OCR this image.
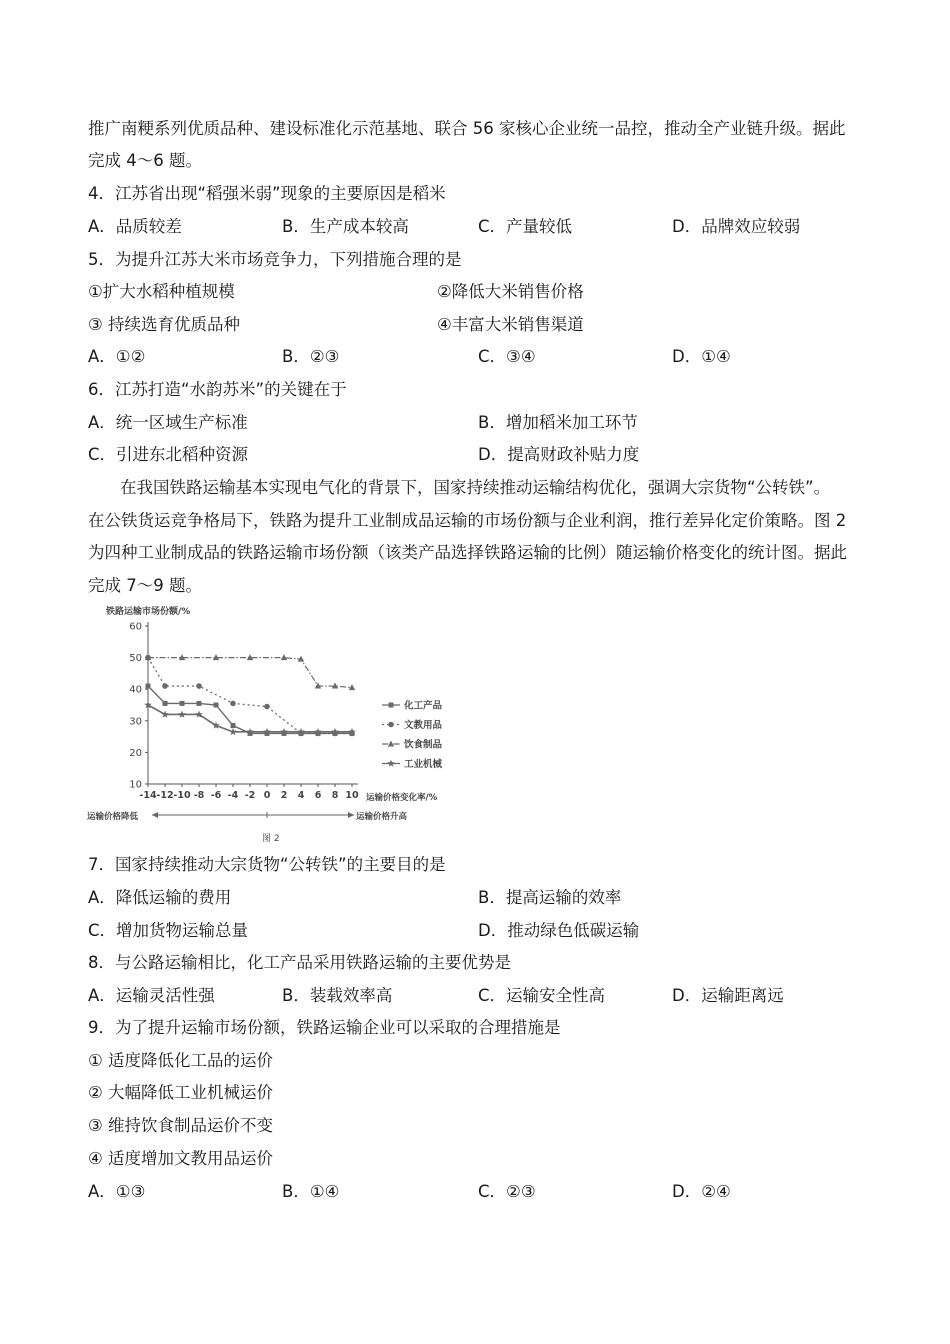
推广南粳系列优质品种、建设标准化示范基地、联合 56 家核心企业统一品控，推动全产业链升级。据此
完成 4～6 题。
4．江苏省出现“稻强米弱”现象的主要原因是稻米
A．品质较差	B．生产成本较高	C．产量较低	D．品牌效应较弱
5．为提升江苏大米市场竞争力，下列措施合理的是
①扩大水稻种植规模	②降低大米销售价格
③ 持续选育优质品种	④丰富大米销售渠道
A．①②	B．②③	C．③④	D．①④
6．江苏打造“水韵苏米”的关键在于
A．统一区域生产标准	B．增加稻米加工环节
C．引进东北稻种资源	D．提高财政补贴力度
在我国铁路运输基本实现电气化的背景下，国家持续推动运输结构优化，强调大宗货物“公转铁”。
在公铁货运竞争格局下，铁路为提升工业制成品运输的市场份额与企业利润，推行差异化定价策略。图 2
为四种工业制成品的铁路运输市场份额（该类产品选择铁路运输的比例）随运输价格变化的统计图。据此
完成 7～9 题。
铁路运输市场份额/%
运输价格变化率/%
运输价格降低	运输价格升高
图 2
10
20
30
40
50
60
-14 -12 -10 -8 -6 -4 -2 0 2 4 6 8 10
化工产品
文教用品
饮食制品
工业机械
7．国家持续推动大宗货物“公转铁”的主要目的是
A．降低运输的费用	B．提高运输的效率
C．增加货物运输总量	D．推动绿色低碳运输
8．与公路运输相比，化工产品采用铁路运输的主要优势是
A．运输灵活性强	B．装载效率高	C．运输安全性高	D．运输距离远
9．为了提升运输市场份额，铁路运输企业可以采取的合理措施是
① 适度降低化工品的运价
② 大幅降低工业机械运价
③ 维持饮食制品运价不变
④ 适度增加文教用品运价
A．①③	B．①④	C．②③	D．②④
